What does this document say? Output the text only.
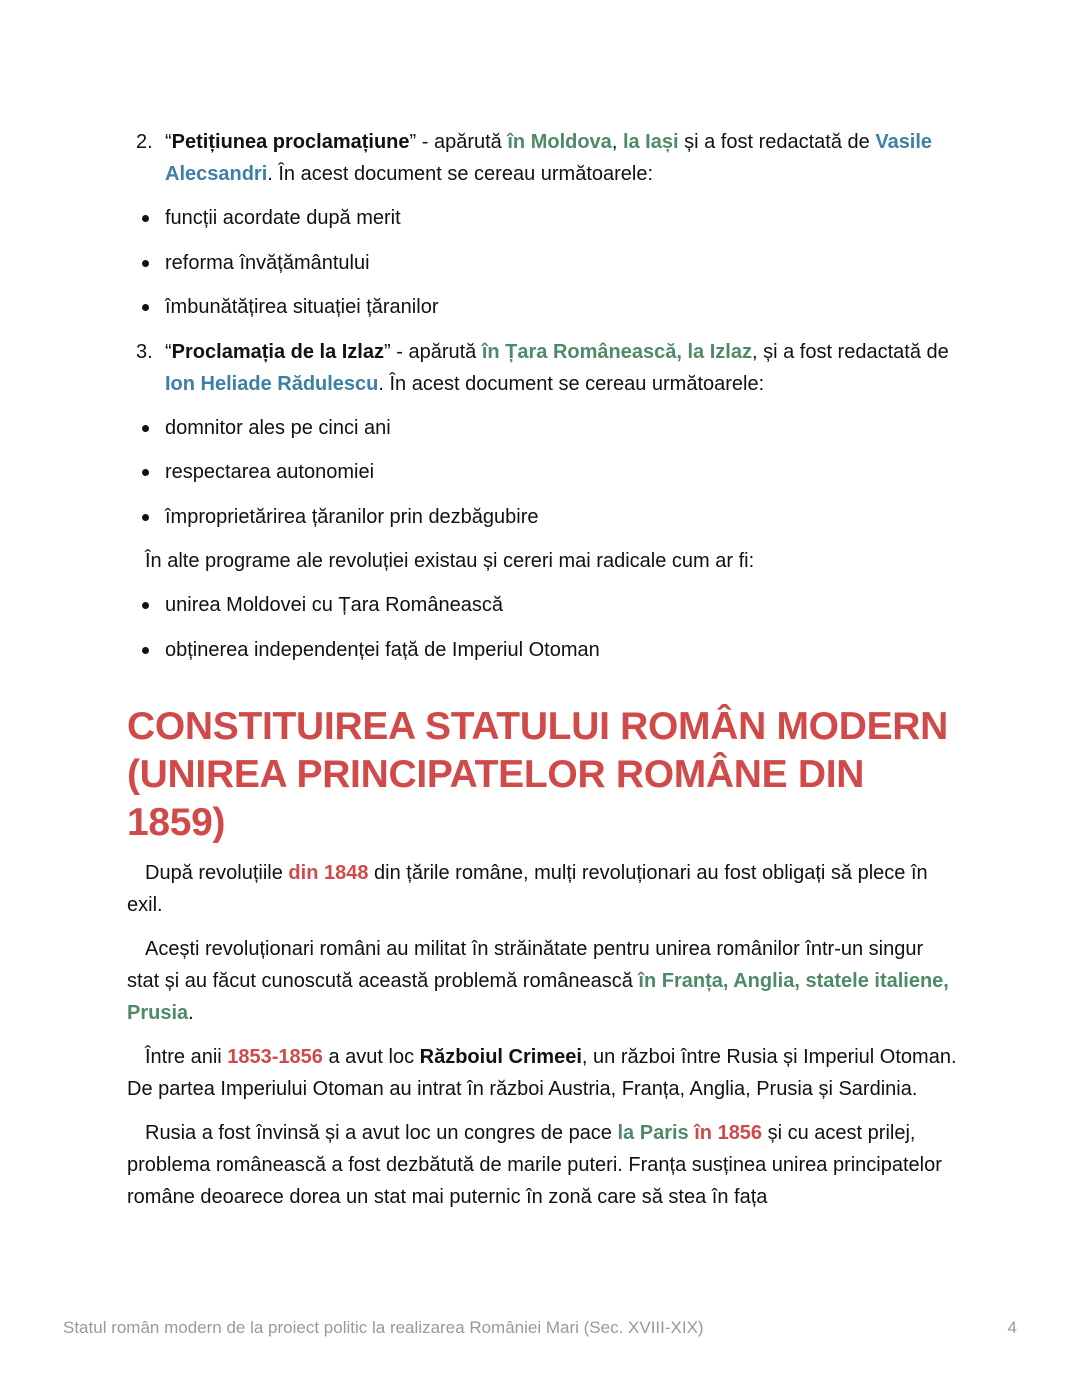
2. “Petițiunea proclamațiune” - apărută în Moldova, la Iași și a fost redactată de Vasile Alecsandri. În acest document se cereau următoarele:
funcții acordate după merit
reforma învățământului
îmbunătățirea situației țăranilor
3. “Proclamația de la Izlaz” - apărută în Țara Românească, la Izlaz, și a fost redactată de Ion Heliade Rădulescu. În acest document se cereau următoarele:
domnitor ales pe cinci ani
respectarea autonomiei
împroprietărirea țăranilor prin dezbăgubire

În alte programe ale revoluției existau și cereri mai radicale cum ar fi:

unirea Moldovei cu Țara Românească
obținerea independenței față de Imperiul Otoman
CONSTITUIREA STATULUI ROMÂN MODERN (UNIREA PRINCIPATELOR ROMÂNE DIN 1859)

După revoluțiile din 1848 din țările române, mulți revoluționari au fost obligați să plece în exil.

Acești revoluționari români au militat în străinătate pentru unirea românilor într-un singur stat și au făcut cunoscută această problemă românească în Franța, Anglia, statele italiene, Prusia.

Între anii 1853-1856 a avut loc Războiul Crimeei, un război între Rusia și Imperiul Otoman. De partea Imperiului Otoman au intrat în război Austria, Franța, Anglia, Prusia și Sardinia.

Rusia a fost învinsă și a avut loc un congres de pace la Paris în 1856 și cu acest prilej, problema românească a fost dezbătută de marile puteri. Franța susținea unirea principatelor române deoarece dorea un stat mai puternic în zonă care să stea în fața

Statul român modern de la proiect politic la realizarea României Mari (Sec. XVIII-XIX)	4
